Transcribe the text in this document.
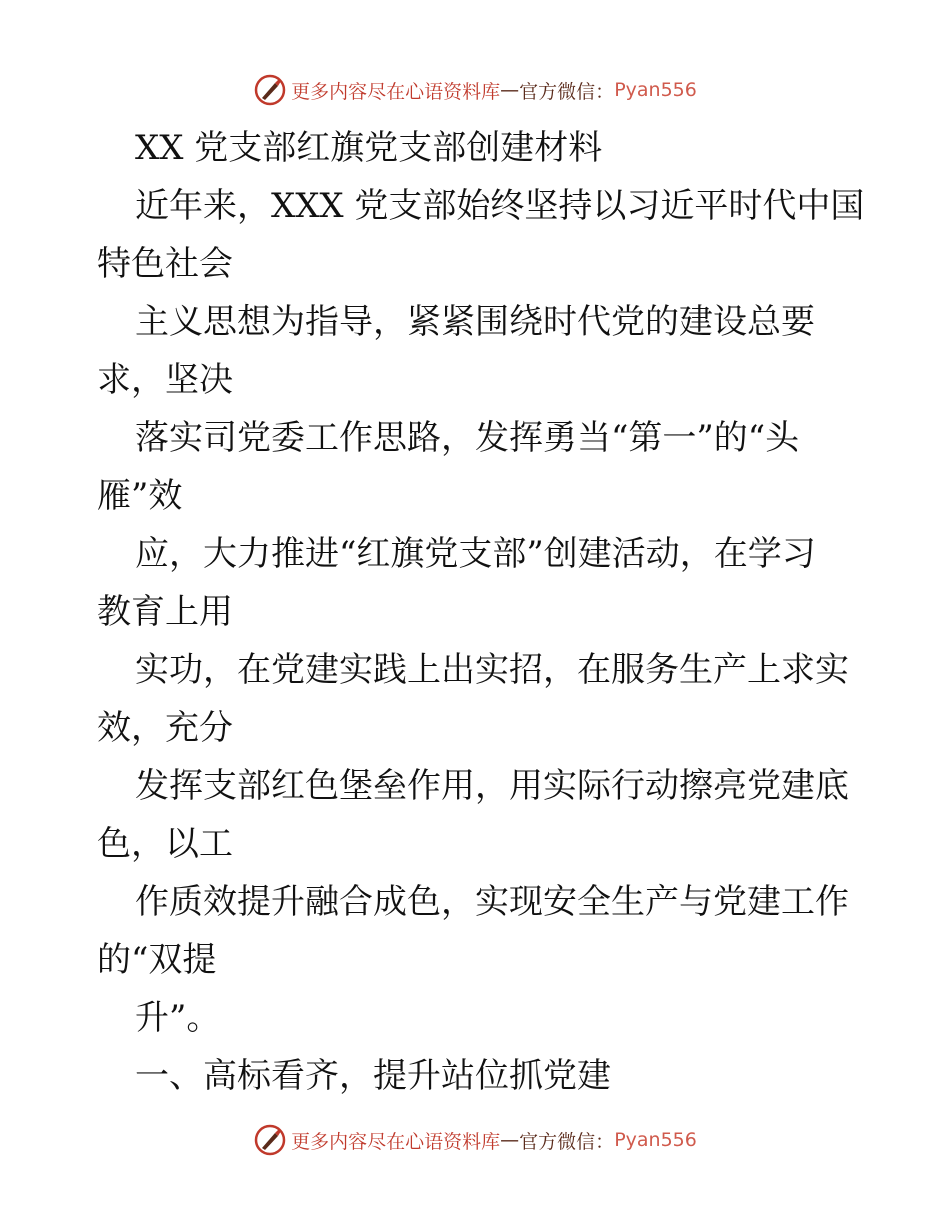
更多内容尽在心语资料库 — 官方微信： Pyan556
XX 党支部红旗党支部创建材料
近年来，XXX 党支部始终坚持以习近平时代中国
特色社会
主义思想为指导，紧紧围绕时代党的建设总要
求，坚决
落实司党委工作思路，发挥勇当“第一”的“头
雁”效
应，大力推进“红旗党支部”创建活动，在学习
教育上用
实功，在党建实践上出实招，在服务生产上求实
效，充分
发挥支部红色堡垒作用，用实际行动擦亮党建底
色，以工
作质效提升融合成色，实现安全生产与党建工作
的“双提
升”。
一、高标看齐，提升站位抓党建
更多内容尽在心语资料库 — 官方微信： Pyan556
